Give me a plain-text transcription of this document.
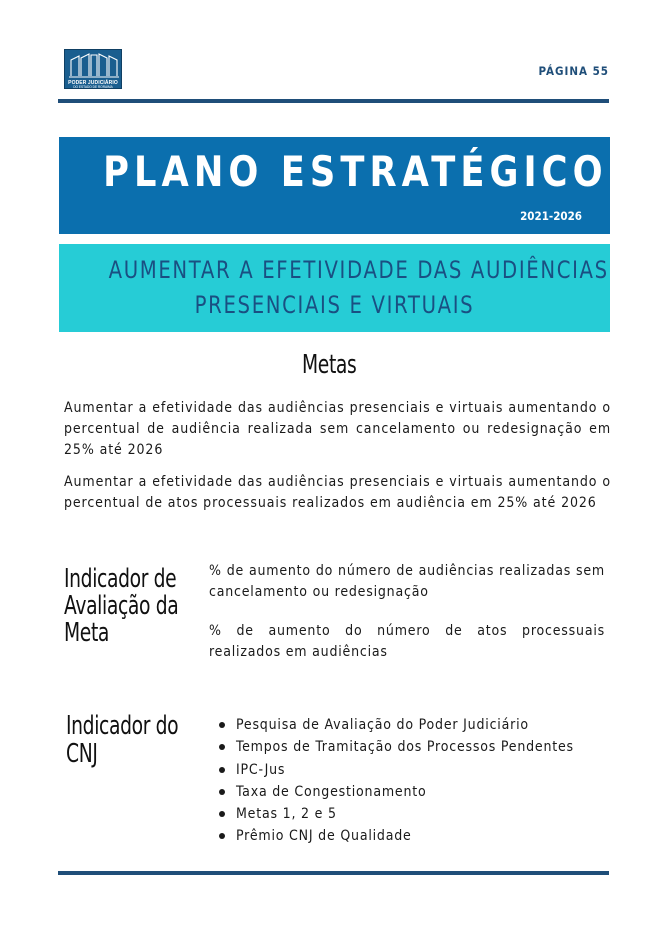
PODER JUDICIÁRIO
DO ESTADO DE RORAIMA
PÁGINA 55
PLANO ESTRATÉGICO
2021-2026
AUMENTAR A EFETIVIDADE DAS AUDIÊNCIAS
PRESENCIAIS E VIRTUAIS
Metas
Aumentar a efetividade das audiências presenciais e virtuais aumentando o percentual de audiência realizada sem cancelamento ou redesignação em 25% até 2026
Aumentar a efetividade das audiências presenciais e virtuais aumentando o percentual de atos processuais realizados em audiência em 25% até 2026
Indicador de
Avaliação da
Meta
% de aumento do número de audiências realizadas sem cancelamento ou redesignação
% de aumento do número de atos processuais realizados em audiências
Indicador do
CNJ
Pesquisa de Avaliação do Poder Judiciário
Tempos de Tramitação dos Processos Pendentes
IPC-Jus
Taxa de Congestionamento
Metas 1, 2 e 5
Prêmio CNJ de Qualidade
